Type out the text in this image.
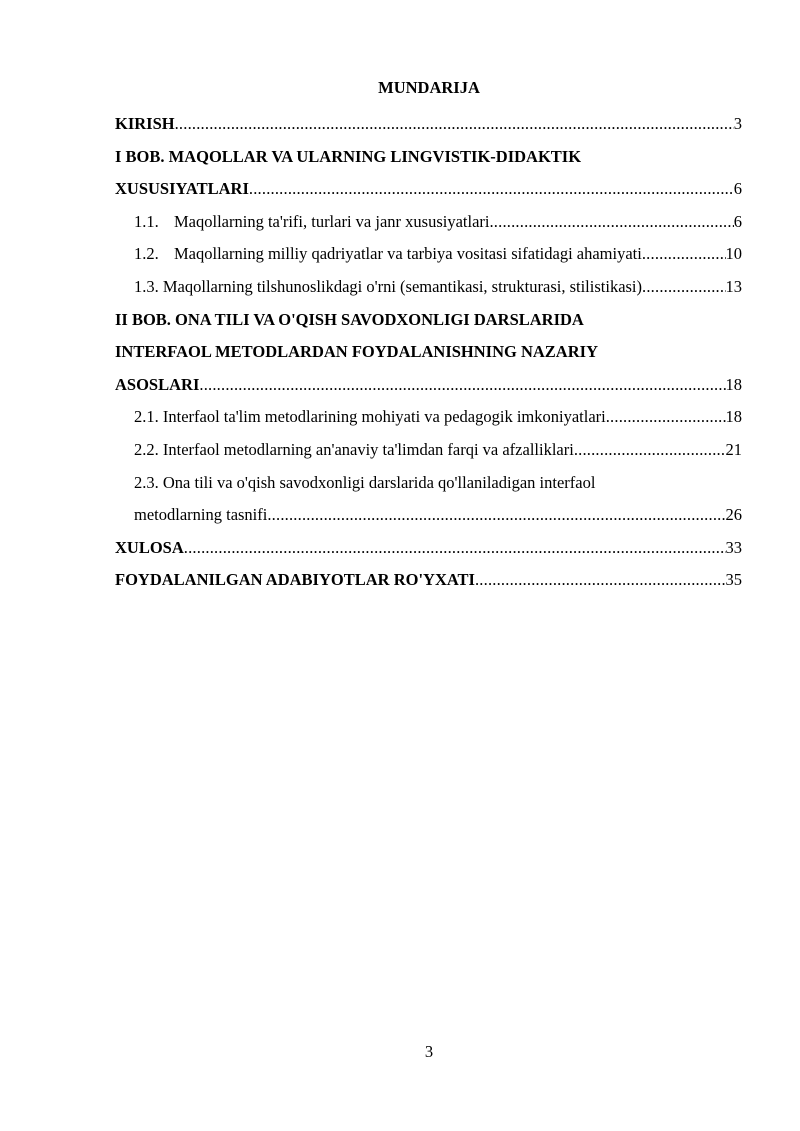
MUNDARIJA
KIRISH .....	3
I BOB. MAQOLLAR VA ULARNING LINGVISTIK-DIDAKTIK
XUSUSIYATLARI .....	6
1.1. Maqollarning ta'rifi, turlari va janr xususiyatlari .....	6
1.2. Maqollarning milliy qadriyatlar va tarbiya vositasi sifatidagi ahamiyati .....	10
1.3. Maqollarning tilshunoslikdagi o'rni (semantikasi, strukturasi, stilistikasi) .....	13
II BOB. ONA TILI VA O'QISH SAVODXONLIGI DARSLARIDA
INTERFAOL METODLARDAN FOYDALANISHNING NAZARIY
ASOSLARI .....	18
2.1. Interfaol ta'lim metodlarining mohiyati va pedagogik imkoniyatlari .....	18
2.2. Interfaol metodlarning an'anaviy ta'limdan farqi va afzalliklari .....	21
2.3. Ona tili va o'qish savodxonligi darslarida qo'llaniladigan interfaol
metodlarning tasnifi .....	26
XULOSA .....	33
FOYDALANILGAN ADABIYOTLAR RO'YXATI .....	35
3
